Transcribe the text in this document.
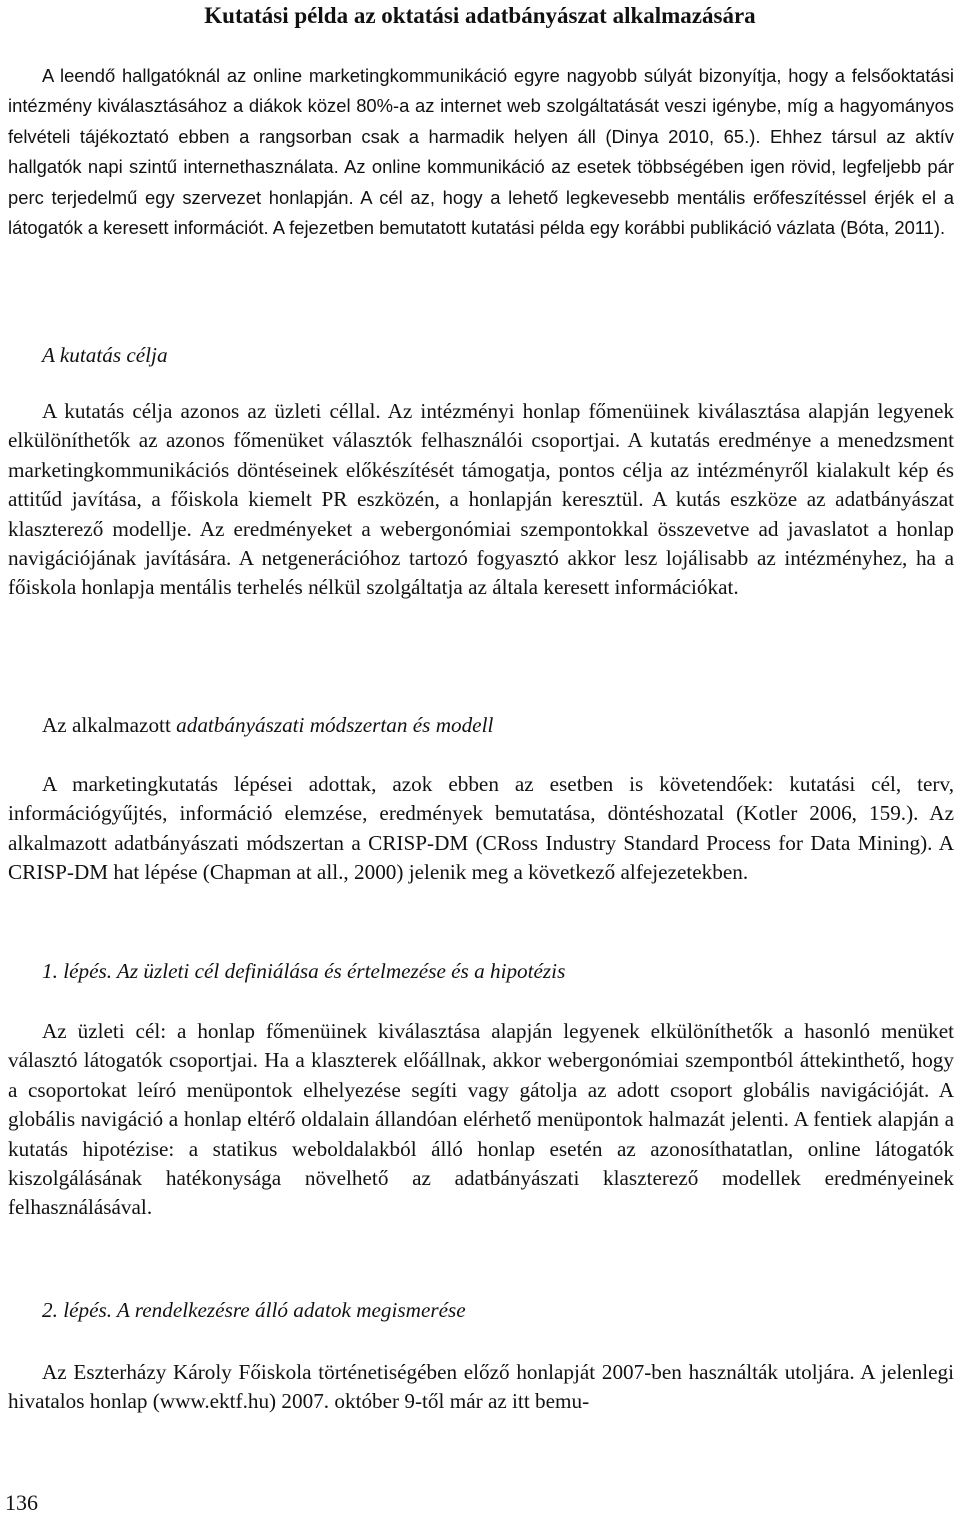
Kutatási példa az oktatási adatbányászat alkalmazására

A leendő hallgatóknál az online marketingkommunikáció egyre nagyobb súlyát bizonyítja, hogy a felsőoktatási intézmény kiválasztásához a diákok közel 80%-a az internet web szolgáltatását veszi igénybe, míg a hagyományos felvételi tájékoztató ebben a rangsorban csak a harmadik helyen áll (Dinya 2010, 65.). Ehhez társul az aktív hallgatók napi szintű internethasználata. Az online kommunikáció az esetek többségében igen rövid, legfeljebb pár perc terjedelmű egy szervezet honlapján. A cél az, hogy a lehető legkevesebb mentális erőfeszítéssel érjék el a látogatók a keresett információt. A fejezetben bemutatott kutatási példa egy korábbi publikáció vázlata (Bóta, 2011).

A kutatás célja

A kutatás célja azonos az üzleti céllal. Az intézményi honlap főmenüinek kiválasztása alapján legyenek elkülöníthetők az azonos főmenüket választók felhasználói csoportjai. A kutatás eredménye a menedzsment marketingkommunikációs döntéseinek előkészítését támogatja, pontos célja az intézményről kialakult kép és attitűd javítása, a főiskola kiemelt PR eszközén, a honlapján keresztül. A kutás eszköze az adatbányászat klaszterező modellje. Az eredményeket a webergonómiai szempontokkal összevetve ad javaslatot a honlap navigációjának javítására. A netgenerációhoz tartozó fogyasztó akkor lesz lojálisabb az intézményhez, ha a főiskola honlapja mentális terhelés nélkül szolgáltatja az általa keresett információkat.

Az alkalmazott adatbányászati módszertan és modell

A marketingkutatás lépései adottak, azok ebben az esetben is követendőek: kutatási cél, terv, információgyűjtés, információ elemzése, eredmények bemutatása, döntéshozatal (Kotler 2006, 159.). Az alkalmazott adatbányászati módszertan a CRISP-DM (CRoss Industry Standard Process for Data Mining). A CRISP-DM hat lépése (Chapman at all., 2000) jelenik meg a következő alfejezetekben.

1. lépés. Az üzleti cél definiálása és értelmezése és a hipotézis

Az üzleti cél: a honlap főmenüinek kiválasztása alapján legyenek elkülöníthetők a hasonló menüket választó látogatók csoportjai. Ha a klaszterek előállnak, akkor webergonómiai szempontból áttekinthető, hogy a csoportokat leíró menüpontok elhelyezése segíti vagy gátolja az adott csoport globális navigációját. A globális navigáció a honlap eltérő oldalain állandóan elérhető menüpontok halmazát jelenti. A fentiek alapján a kutatás hipotézise: a statikus weboldalakból álló honlap esetén az azonosíthatatlan, online látogatók kiszolgálásának hatékonysága növelhető az adatbányászati klaszterező modellek eredményeinek felhasználásával.

2. lépés. A rendelkezésre álló adatok megismerése

Az Eszterházy Károly Főiskola történetiségében előző honlapját 2007-ben használták utoljára. A jelenlegi hivatalos honlap (www.ektf.hu) 2007. október 9-től már az itt bemu-

136
